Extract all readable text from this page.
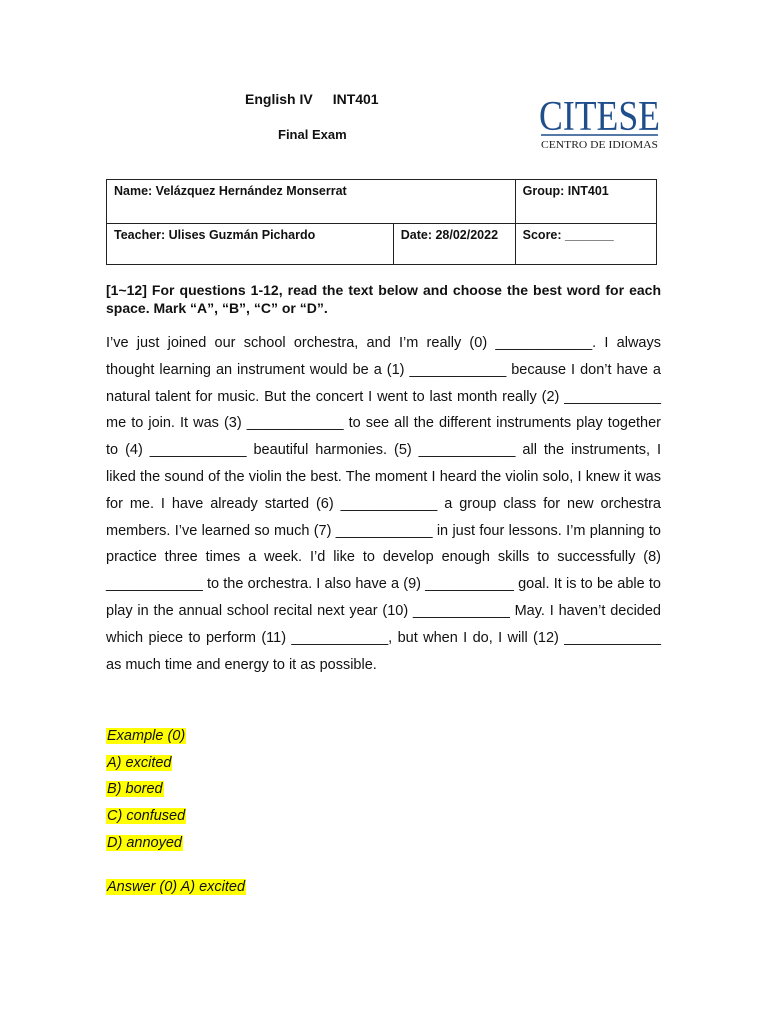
English IV INT401
Final Exam	CITESE
CENTRO DE IDIOMAS
Name: Velázquez Hernández Monserrat		Group: INT401
Teacher: Ulises Guzmán Pichardo	Date: 28/02/2022	Score: _______
[1~12] For questions 1-12, read the text below and choose the best word for each space. Mark “A”, “B”, “C” or “D”.
I’ve just joined our school orchestra, and I’m really (0) ____________. I always thought learning an instrument would be a (1) ____________ because I don’t have a natural talent for music. But the concert I went to last month really (2) ____________ me to join. It was (3) ____________ to see all the different instruments play together to (4) ____________ beautiful harmonies. (5) ____________ all the instruments, I liked the sound of the violin the best. The moment I heard the violin solo, I knew it was for me. I have already started (6) ____________ a group class for new orchestra members. I’ve learned so much (7) ____________ in just four lessons. I’m planning to practice three times a week. I’d like to develop enough skills to successfully (8) ____________ to the orchestra. I also have a (9) ___________ goal. It is to be able to play in the annual school recital next year (10) ____________ May. I haven’t decided which piece to perform (11) ____________, but when I do, I will (12) ____________ as much time and energy to it as possible.
Example (0)
A) excited
B) bored
C) confused
D) annoyed
Answer (0) A) excited
